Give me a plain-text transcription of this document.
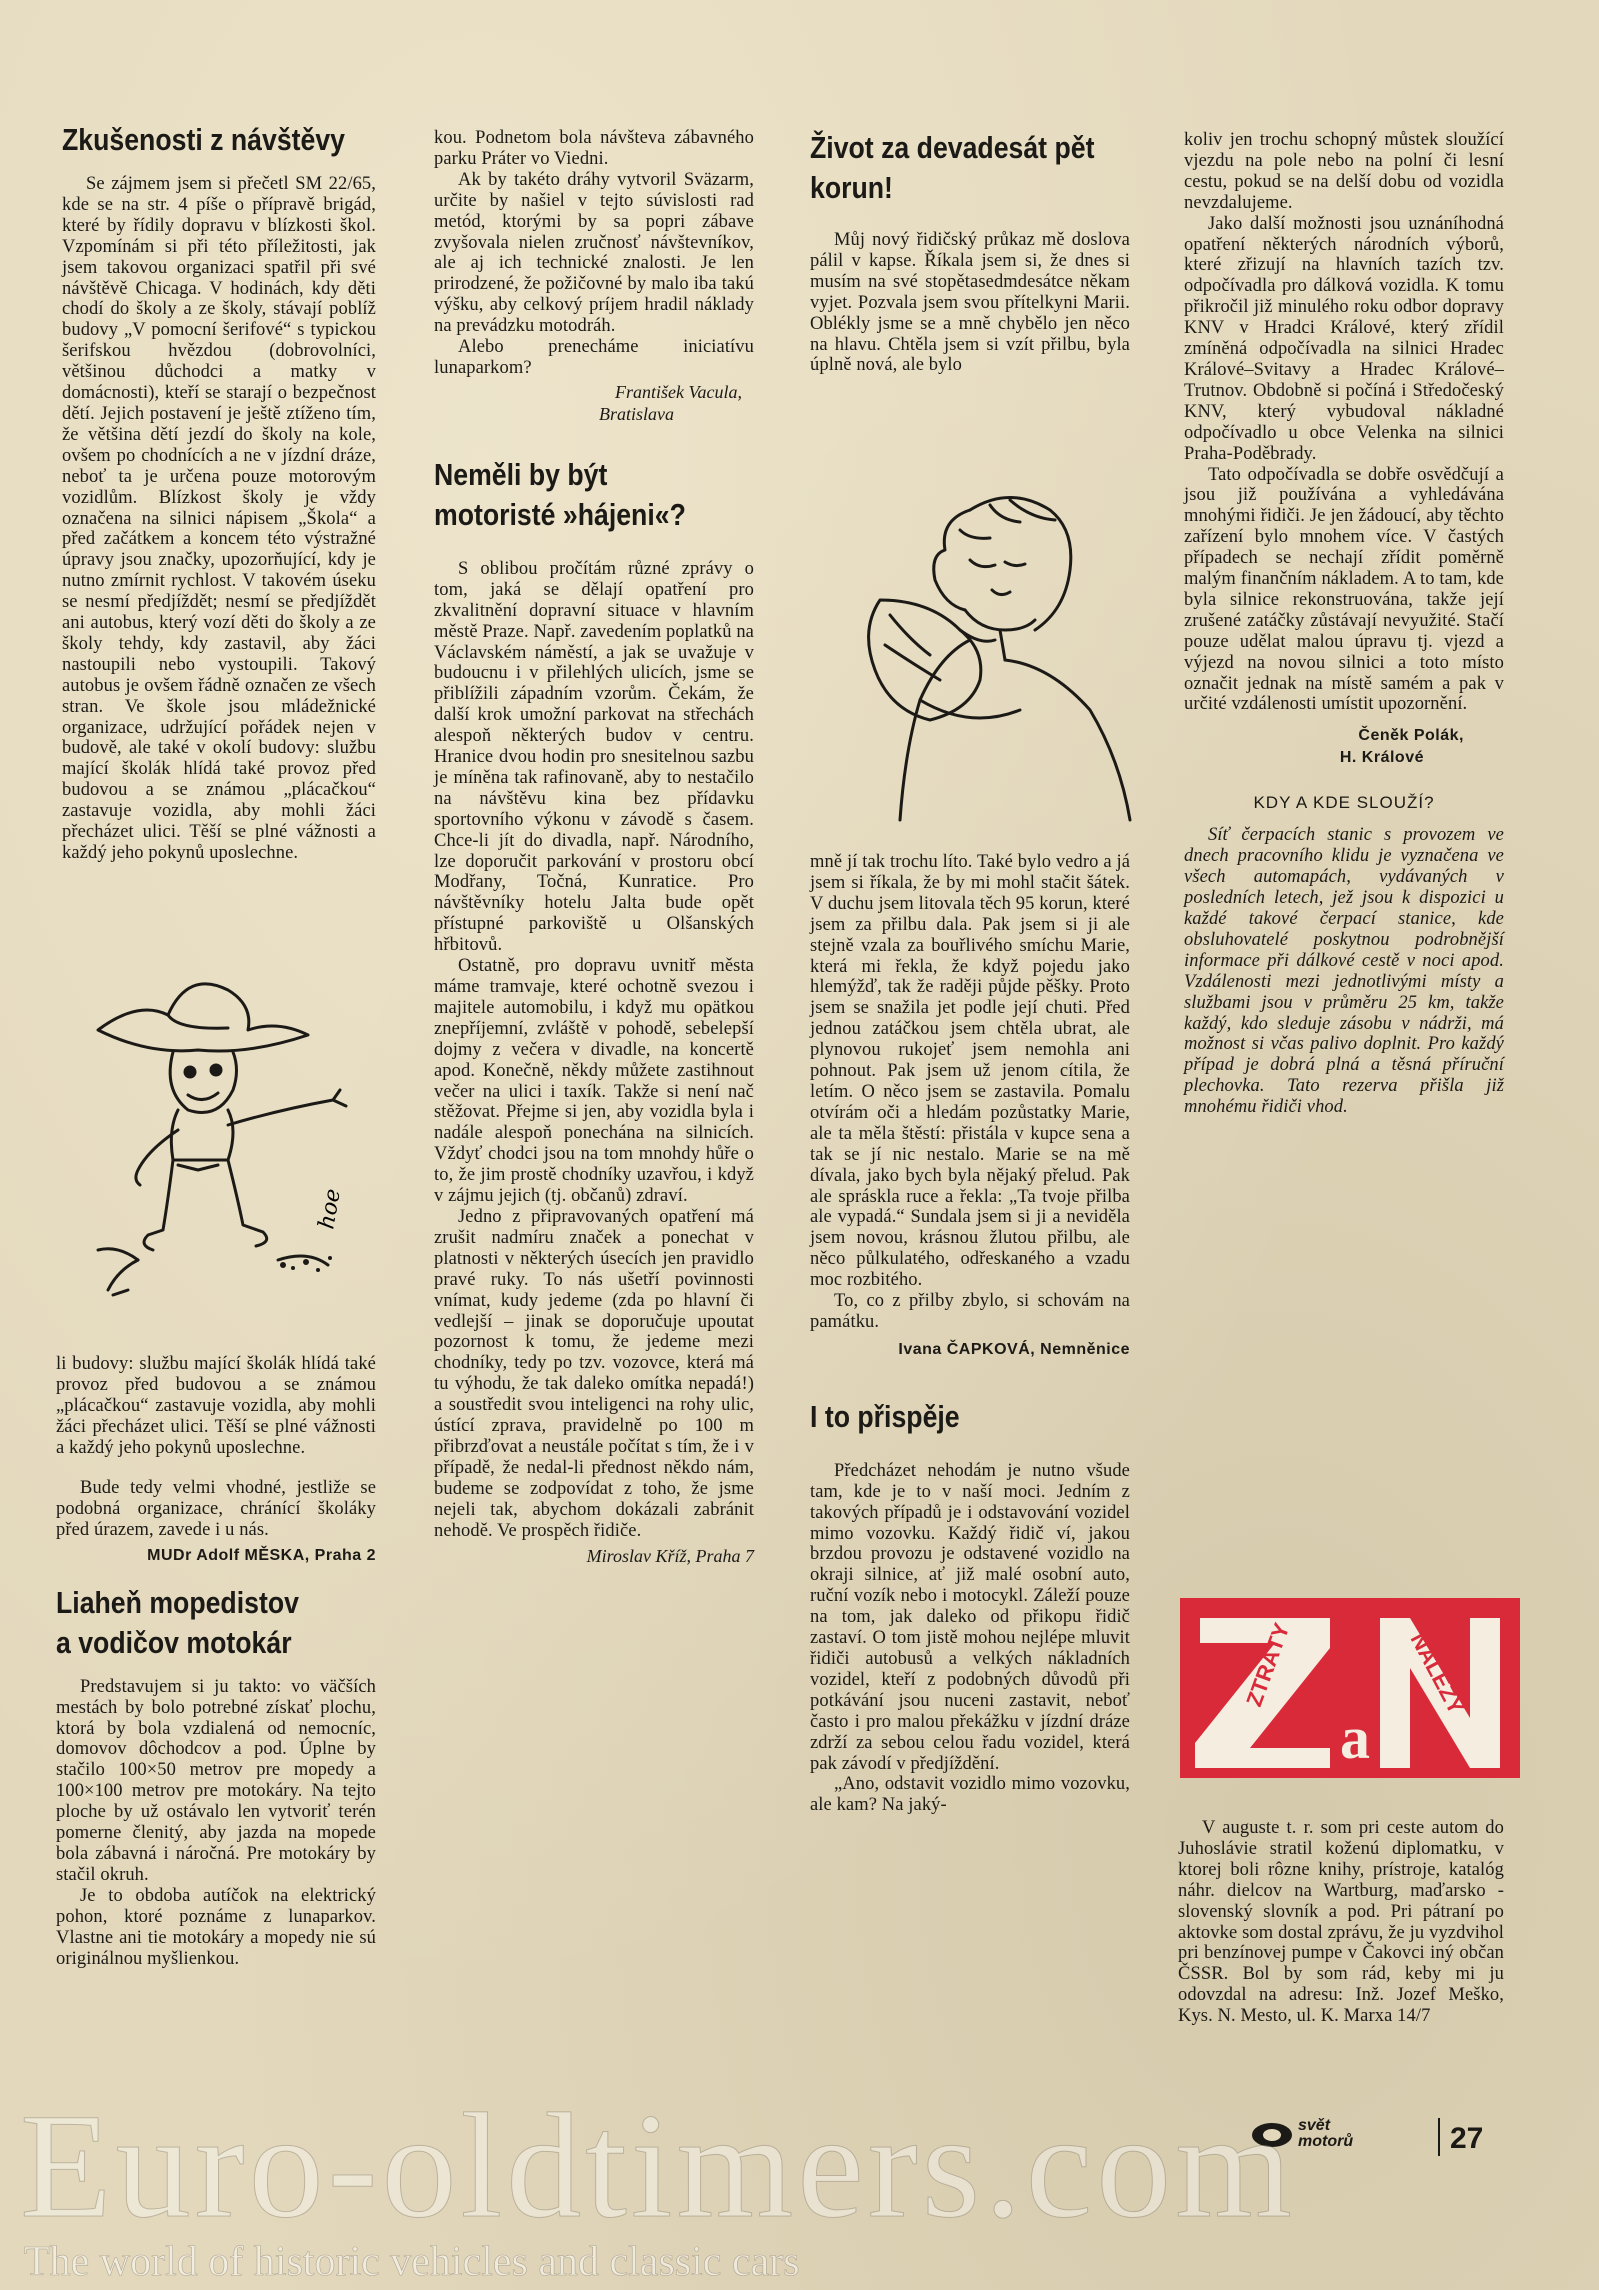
Zkušenosti z návštěvy

Se zájmem jsem si přečetl SM 22/65, kde se na str. 4 píše o přípravě brigád, které by řídily dopravu v blízkosti škol. Vzpomínám si při této příležitosti, jak jsem takovou organizaci spatřil při své návštěvě Chicaga. V hodinách, kdy děti chodí do školy a ze školy, stávají poblíž budovy „V pomocní šerifové“ s typickou šerifskou hvězdou (dobrovolníci, většinou důchodci a matky v domácnosti), kteří se starají o bezpečnost dětí. Jejich postavení je ještě ztíženo tím, že většina dětí jezdí do školy na kole, ovšem po chodnících a ne v jízdní dráze, neboť ta je určena pouze motorovým vozidlům. Blízkost školy je vždy označena na silnici nápisem „Škola“ a před začátkem a koncem této výstražné úpravy jsou značky, upozorňující, kdy je nutno zmírnit rychlost. V takovém úseku se nesmí předjíždět; nesmí se předjíždět ani autobus, který vozí děti do školy a ze školy tehdy, kdy zastavil, aby žáci nastoupili nebo vystoupili. Takový autobus je ovšem řádně označen ze všech stran. Ve škole jsou mládežnické organizace, udržující pořádek nejen v budově, ale také v okolí budovy: službu mající školák hlídá také provoz před budovou a se známou „plácačkou“ zastavuje vozidla, aby mohli žáci přecházet ulici. Těší se plné vážnosti a každý jeho pokynů uposlechne.

hoe

li budovy: službu mající školák hlídá také provoz před budovou a se známou „plácačkou“ zastavuje vozidla, aby mohli žáci přecházet ulici. Těší se plné vážnosti a každý jeho pokynů uposlechne.

Bude tedy velmi vhodné, jestliže se podobná organizace, chránící školáky před úrazem, zavede i u nás.

MUDr Adolf MĚSKA, Praha 2
Liaheň mopedistov
a vodičov motokár

Predstavujem si ju takto: vo väčších mestách by bolo potrebné získať plochu, ktorá by bola vzdialená od nemocníc, domovov dôchodcov a pod. Úplne by stačilo 100×50 metrov pre mopedy a 100×100 metrov pre motokáry. Na tejto ploche by už ostávalo len vytvoriť terén pomerne členitý, aby jazda na mopede bola zábavná i náročná. Pre motokáry by stačil okruh.

Je to obdoba autíčok na elektrický pohon, ktoré poznáme z lunaparkov. Vlastne ani tie motokáry a mopedy nie sú originálnou myšlienkou.

kou. Podnetom bola návšteva zábavného parku Práter vo Viedni.

Ak by takéto dráhy vytvoril Sväzarm, určite by našiel v tejto súvislosti rad metód, ktorými by sa popri zábave zvyšovala nielen zručnosť návštevníkov, ale aj ich technické znalosti. Je len prirodzené, že požičovné by malo iba takú výšku, aby celkový príjem hradil náklady na prevádzku motodráh.

Alebo prenecháme iniciatívu lunaparkom?

František Vacula,
Bratislava
Neměli by být
motoristé »hájeni«?

S oblibou pročítám různé zprávy o tom, jaká se dělají opatření pro zkvalitnění dopravní situace v hlavním městě Praze. Např. zavedením poplatků na Václavském náměstí, a jak se uvažuje v budoucnu i v přilehlých ulicích, jsme se přiblížili západním vzorům. Čekám, že další krok umožní parkovat na střechách alespoň některých budov v centru. Hranice dvou hodin pro snesitelnou sazbu je míněna tak rafinovaně, aby to nestačilo na návštěvu kina bez přídavku sportovního výkonu v závodě s časem. Chce-li jít do divadla, např. Národního, lze doporučit parkování v prostoru obcí Modřany, Točná, Kunratice. Pro návštěvníky hotelu Jalta bude opět přístupné parkoviště u Olšanských hřbitovů.

Ostatně, pro dopravu uvnitř města máme tramvaje, které ochotně svezou i majitele automobilu, i když mu opätkou znepříjemní, zvláště v pohodě, sebelepší dojmy z večera v divadle, na koncertě apod. Konečně, někdy můžete zastihnout večer na ulici i taxík. Takže si není nač stěžovat. Přejme si jen, aby vozidla byla i nadále alespoň ponechána na silnicích. Vždyť chodci jsou na tom mnohdy hůře o to, že jim prostě chodníky uzavřou, i když v zájmu jejich (tj. občanů) zdraví.

Jedno z připravovaných opatření má zrušit nadmíru značek a ponechat v platnosti v některých úsecích jen pravidlo pravé ruky. To nás ušetří povinnosti vnímat, kudy jedeme (zda po hlavní či vedlejší – jinak se doporučuje upoutat pozornost k tomu, že jedeme mezi chodníky, tedy po tzv. vozovce, která má tu výhodu, že tak daleko omítka nepadá!) a soustředit svou inteligenci na rohy ulic, ústící zprava, pravidelně po 100 m přibrzďovat a neustále počítat s tím, že i v případě, že nedal-li přednost někdo nám, budeme se zodpovídat z toho, že jsme nejeli tak, abychom dokázali zabránit nehodě. Ve prospěch řidiče.

Miroslav Kříž, Praha 7
Život za devadesát pět
korun!

Můj nový řidičský průkaz mě doslova pálil v kapse. Říkala jsem si, že dnes si musím na své stopětasedmdesátce někam vyjet. Pozvala jsem svou přítelkyni Marii. Oblékly jsme se a mně chybělo jen něco na hlavu. Chtěla jsem si vzít přilbu, byla úplně nová, ale bylo

mně jí tak trochu líto. Také bylo vedro a já jsem si říkala, že by mi mohl stačit šátek. V duchu jsem litovala těch 95 korun, které jsem za přilbu dala. Pak jsem si ji ale stejně vzala za bouřlivého smíchu Marie, která mi řekla, že když pojedu jako hlemýžď, tak že raději půjde pěšky. Proto jsem se snažila jet podle její chuti. Před jednou zatáčkou jsem chtěla ubrat, ale plynovou rukojeť jsem nemohla ani pohnout. Pak jsem už jenom cítila, že letím. O něco jsem se zastavila. Pomalu otvírám oči a hledám pozůstatky Marie, ale ta měla štěstí: přistála v kupce sena a tak se jí nic nestalo. Marie se na mě dívala, jako bych byla nějaký přelud. Pak ale spráskla ruce a řekla: „Ta tvoje přilba ale vypadá.“ Sundala jsem si ji a neviděla jsem novou, krásnou žlutou přilbu, ale něco půlkulatého, odřeskaného a vzadu moc rozbitého.

To, co z přilby zbylo, si schovám na památku.

Ivana ČAPKOVÁ, Nemněnice
I to přispěje

Předcházet nehodám je nutno všude tam, kde je to v naší moci. Jedním z takových případů je i odstavování vozidel mimo vozovku. Každý řidič ví, jakou brzdou provozu je odstavené vozidlo na okraji silnice, ať již malé osobní auto, ruční vozík nebo i motocykl. Záleží pouze na tom, jak daleko od přikopu řidič zastaví. O tom jistě mohou nejlépe mluvit řidiči autobusů a velkých nákladních vozidel, kteří z podobných důvodů při potkávání jsou nuceni zastavit, neboť často i pro malou překážku v jízdní dráze zdrží za sebou celou řadu vozidel, která pak závodí v předjíždění.

„Ano, odstavit vozidlo mimo vozovku, ale kam? Na jaký-

koliv jen trochu schopný můstek sloužící vjezdu na pole nebo na polní či lesní cestu, pokud se na delší dobu od vozidla nevzdalujeme.

Jako další možnosti jsou uznáníhodná opatření některých národních výborů, které zřizují na hlavních tazích tzv. odpočívadla pro dálková vozidla. K tomu přikročil již minulého roku odbor dopravy KNV v Hradci Králové, který zřídil zmíněná odpočívadla na silnici Hradec Králové–Svitavy a Hradec Králové–Trutnov. Obdobně si počíná i Středočeský KNV, který vybudoval nákladné odpočívadlo u obce Velenka na silnici Praha-Poděbrady.

Tato odpočívadla se dobře osvědčují a jsou již používána a vyhledávána mnohými řidiči. Je jen žádoucí, aby těchto zařízení bylo mnohem více. V častých případech se nechají zřídit poměrně malým finančním nákladem. A to tam, kde byla silnice rekonstruována, takže její zrušené zatáčky zůstávají nevyužité. Stačí pouze udělat malou úpravu tj. vjezd a výjezd na novou silnici a toto místo označit jednak na místě samém a pak v určité vzdálenosti umístit upozornění.

Čeněk Polák,
H. Králové
KDY A KDE SLOUŽÍ?

Síť čerpacích stanic s provozem ve dnech pracovního klidu je vyznačena ve všech automapách, vydávaných v posledních letech, jež jsou k dispozici u každé takové čerpací stanice, kde obsluhovatelé poskytnou podrobnější informace při dálkové cestě v noci apod. Vzdálenosti mezi jednotlivými místy a službami jsou v průměru 25 km, takže každý, kdo sleduje zásobu v nádrži, má možnost si včas palivo doplnit. Pro každý případ je dobrá plná a těsná příruční plechovka. Tato rezerva přišla již mnohému řidiči vhod.

a
ZTRÁTY	NÁLEZY

V auguste t. r. som pri ceste autom do Juhoslávie stratil koženú diplomatku, v ktorej boli rôzne knihy, prístroje, katalóg náhr. dielcov na Wartburg, maďarsko - slovenský slovník a pod. Pri pátraní po aktovke som dostal zprávu, že ju vyzdvihol pri benzínovej pumpe v Čakovci iný občan ČSSR. Bol by som rád, keby mi ju odovzdal na adresu: Inž. Jozef Meško, Kys. N. Mesto, ul. K. Marxa 14/7

svět
motorů	27
Euro-oldtimers.com
The world of historic vehicles and classic cars
